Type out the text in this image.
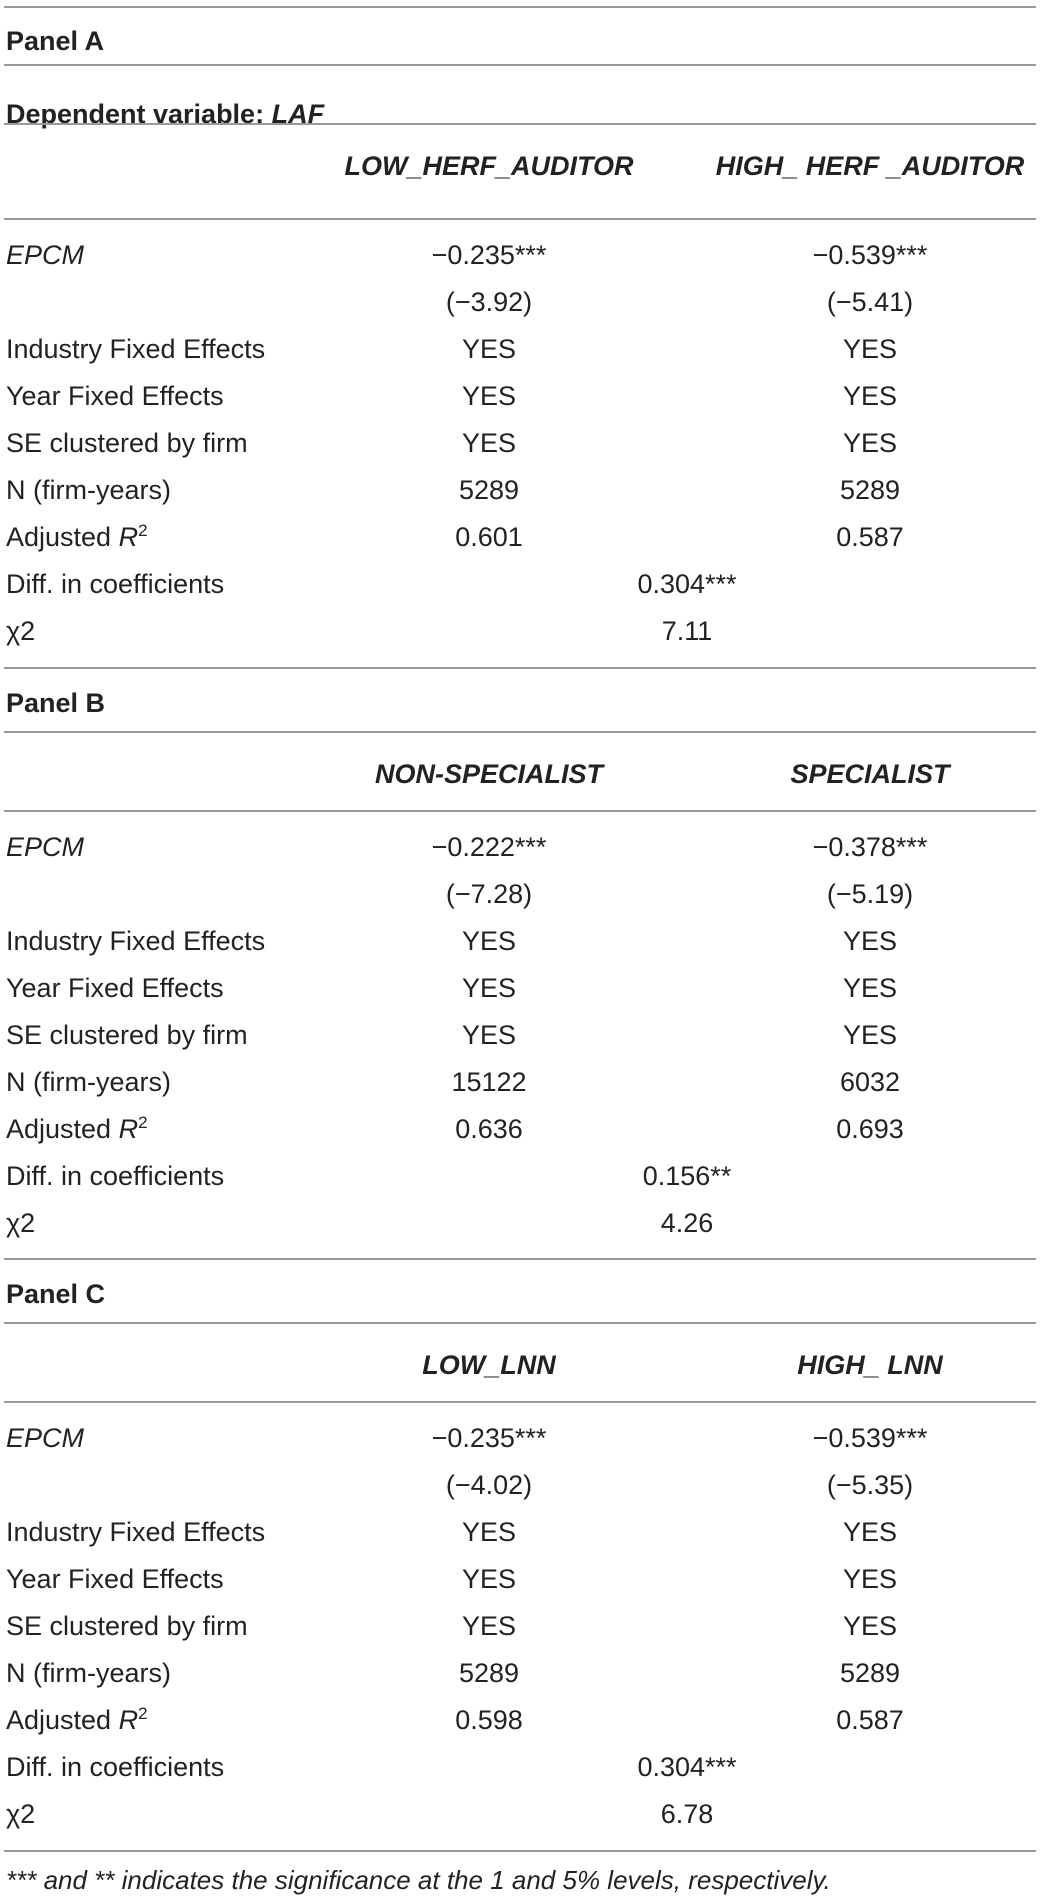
Panel A
Dependent variable: LAF
LOW_HERF_AUDITOR	HIGH_ HERF _AUDITOR
EPCM	−0.235***	−0.539***
(−3.92)	(−5.41)
Industry Fixed Effects	YES	YES
Year Fixed Effects	YES	YES
SE clustered by firm	YES	YES
N (firm-years)	5289	5289
Adjusted $R^2$	0.601	0.587
Diff. in coefficients	0.304***
χ2	7.11
Panel B
NON-SPECIALIST	SPECIALIST
EPCM	−0.222***	−0.378***
(−7.28)	(−5.19)
Industry Fixed Effects	YES	YES
Year Fixed Effects	YES	YES
SE clustered by firm	YES	YES
N (firm-years)	15122	6032
Adjusted $R^2$	0.636	0.693
Diff. in coefficients	0.156**
χ2	4.26
Panel C
LOW_LNN	HIGH_ LNN
EPCM	−0.235***	−0.539***
(−4.02)	(−5.35)
Industry Fixed Effects	YES	YES
Year Fixed Effects	YES	YES
SE clustered by firm	YES	YES
N (firm-years)	5289	5289
Adjusted $R^2$	0.598	0.587
Diff. in coefficients	0.304***
χ2	6.78
*** and ** indicates the significance at the 1 and 5% levels, respectively.
